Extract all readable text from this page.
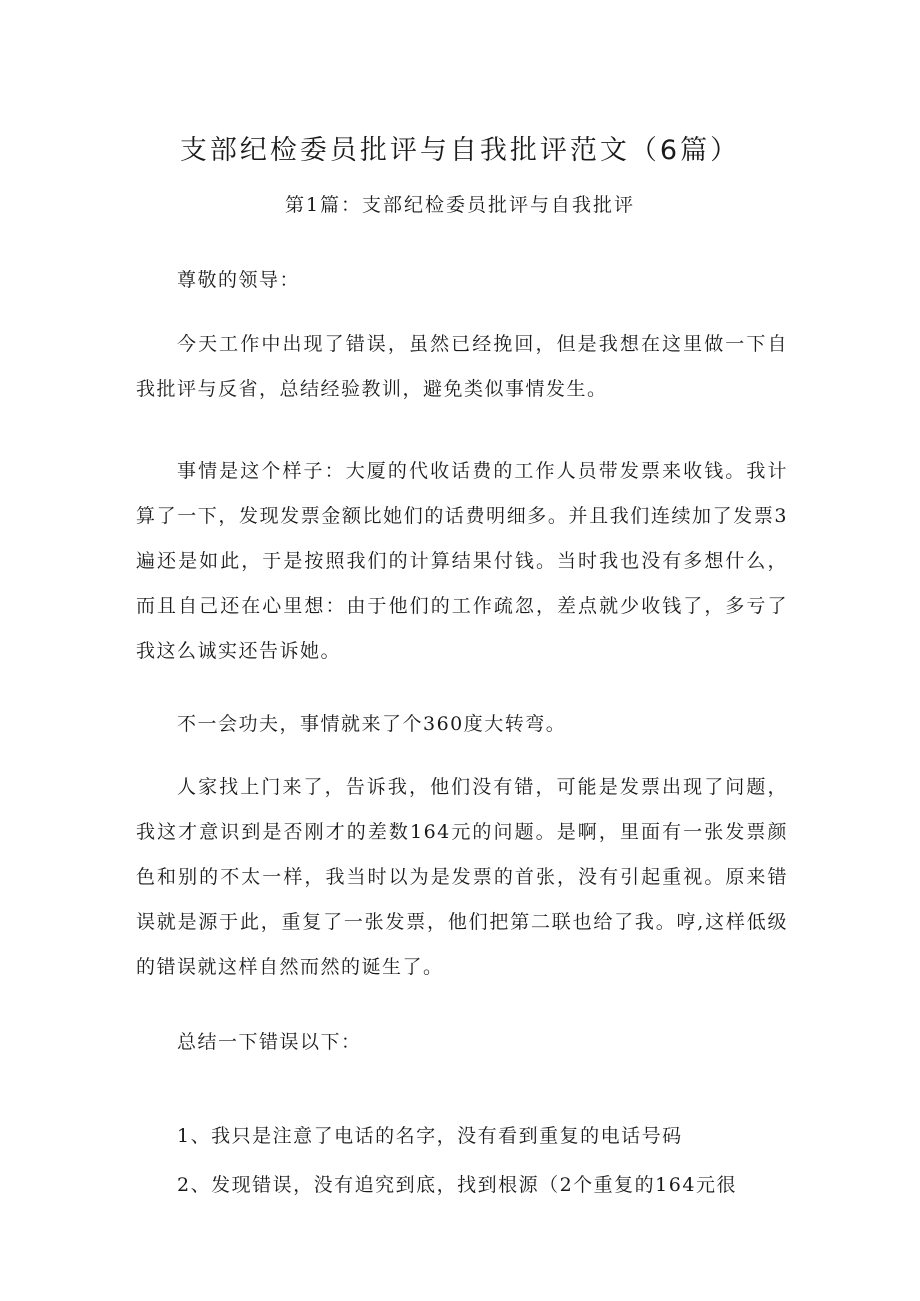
支部纪检委员批评与自我批评范文（6篇）
第1篇：支部纪检委员批评与自我批评

尊敬的领导：

今天工作中出现了错误，虽然已经挽回，但是我想在这里做一下自我批评与反省，总结经验教训，避免类似事情发生。

事情是这个样子：大厦的代收话费的工作人员带发票来收钱。我计算了一下，发现发票金额比她们的话费明细多。并且我们连续加了发票3遍还是如此，于是按照我们的计算结果付钱。当时我也没有多想什么，而且自己还在心里想：由于他们的工作疏忽，差点就少收钱了，多亏了我这么诚实还告诉她。

不一会功夫，事情就来了个360度大转弯。

人家找上门来了，告诉我，他们没有错，可能是发票出现了问题，我这才意识到是否刚才的差数164元的问题。是啊，里面有一张发票颜色和别的不太一样，我当时以为是发票的首张，没有引起重视。原来错误就是源于此，重复了一张发票，他们把第二联也给了我。哼,这样低级的错误就这样自然而然的诞生了。

总结一下错误以下：

1、我只是注意了电话的名字，没有看到重复的电话号码

2、发现错误，没有追究到底，找到根源（2个重复的164元很
